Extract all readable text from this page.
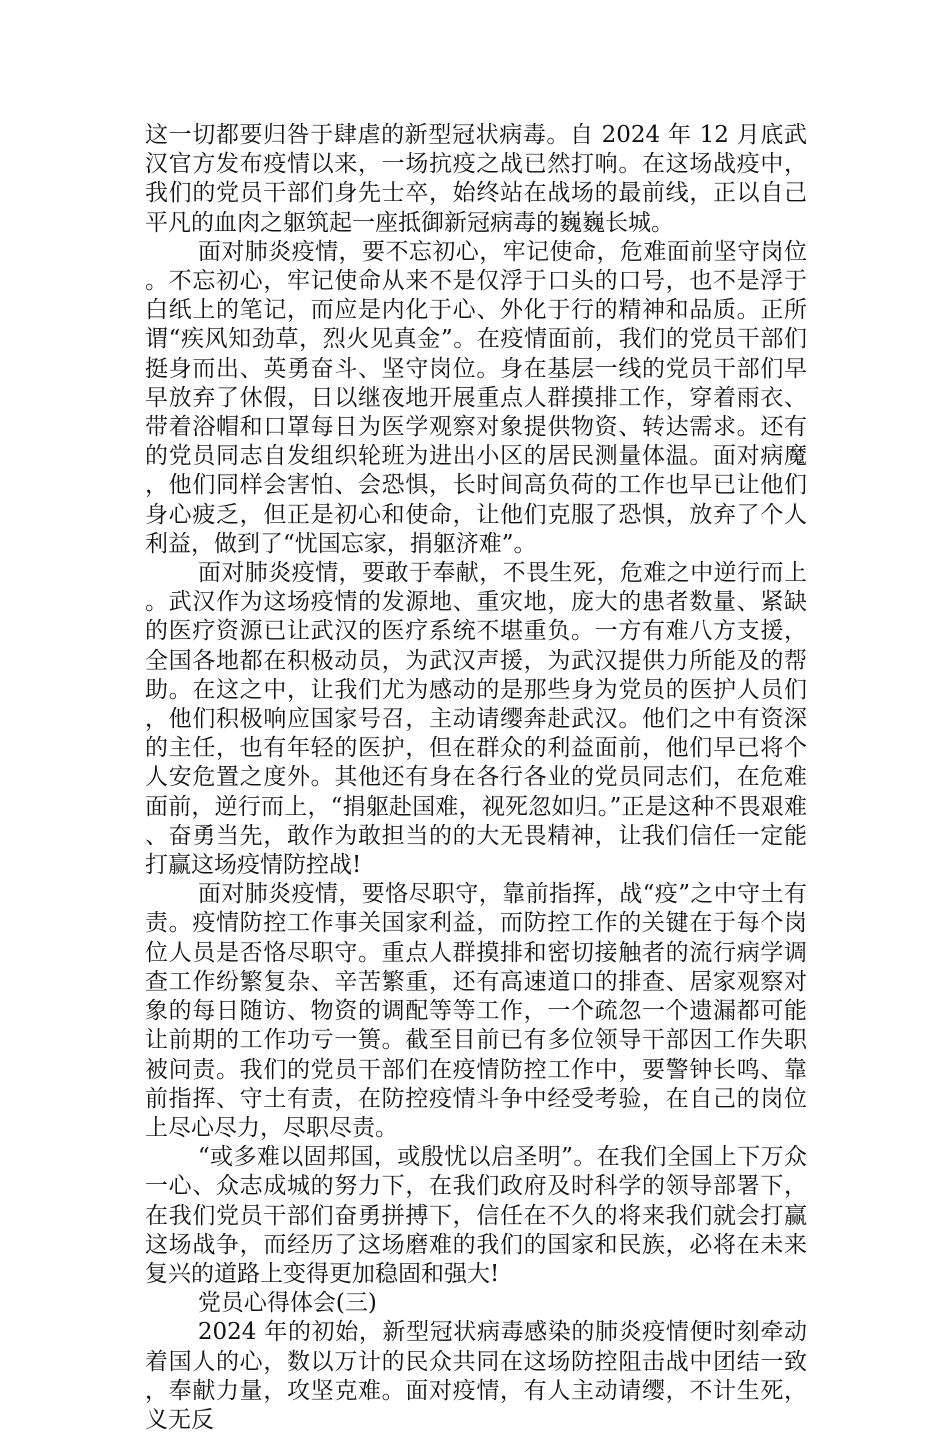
这一切都要归咎于肆虐的新型冠状病毒。自 2024 年 12 月底武汉官方发布疫情以来，一场抗疫之战已然打响。在这场战疫中，我们的党员干部们身先士卒，始终站在战场的最前线，正以自己平凡的血肉之躯筑起一座抵御新冠病毒的巍巍长城。

面对肺炎疫情，要不忘初心，牢记使命，危难面前坚守岗位。不忘初心，牢记使命从来不是仅浮于口头的口号，也不是浮于白纸上的笔记，而应是内化于心、外化于行的精神和品质。正所谓“疾风知劲草，烈火见真金”。在疫情面前，我们的党员干部们挺身而出、英勇奋斗、坚守岗位。身在基层一线的党员干部们早早放弃了休假，日以继夜地开展重点人群摸排工作，穿着雨衣、带着浴帽和口罩每日为医学观察对象提供物资、转达需求。还有的党员同志自发组织轮班为进出小区的居民测量体温。面对病魔，他们同样会害怕、会恐惧，长时间高负荷的工作也早已让他们身心疲乏，但正是初心和使命，让他们克服了恐惧，放弃了个人利益，做到了“忧国忘家，捐躯济难”。

面对肺炎疫情，要敢于奉献，不畏生死，危难之中逆行而上。武汉作为这场疫情的发源地、重灾地，庞大的患者数量、紧缺的医疗资源已让武汉的医疗系统不堪重负。一方有难八方支援，全国各地都在积极动员，为武汉声援，为武汉提供力所能及的帮助。在这之中，让我们尤为感动的是那些身为党员的医护人员们，他们积极响应国家号召，主动请缨奔赴武汉。他们之中有资深的主任，也有年轻的医护，但在群众的利益面前，他们早已将个人安危置之度外。其他还有身在各行各业的党员同志们，在危难面前，逆行而上，“捐躯赴国难，视死忽如归。”正是这种不畏艰难、奋勇当先，敢作为敢担当的的大无畏精神，让我们信任一定能打赢这场疫情防控战!

面对肺炎疫情，要恪尽职守，靠前指挥，战“疫”之中守土有责。疫情防控工作事关国家利益，而防控工作的关键在于每个岗位人员是否恪尽职守。重点人群摸排和密切接触者的流行病学调查工作纷繁复杂、辛苦繁重，还有高速道口的排查、居家观察对象的每日随访、物资的调配等等工作，一个疏忽一个遗漏都可能让前期的工作功亏一篑。截至目前已有多位领导干部因工作失职被问责。我们的党员干部们在疫情防控工作中，要警钟长鸣、靠前指挥、守土有责，在防控疫情斗争中经受考验，在自己的岗位上尽心尽力，尽职尽责。

“或多难以固邦国，或殷忧以启圣明”。在我们全国上下万众一心、众志成城的努力下，在我们政府及时科学的领导部署下，在我们党员干部们奋勇拼搏下，信任在不久的将来我们就会打赢这场战争，而经历了这场磨难的我们的国家和民族，必将在未来复兴的道路上变得更加稳固和强大!

党员心得体会(三)

2024 年的初始，新型冠状病毒感染的肺炎疫情便时刻牵动着国人的心，数以万计的民众共同在这场防控阻击战中团结一致，奉献力量，攻坚克难。面对疫情，有人主动请缨，不计生死，义无反
